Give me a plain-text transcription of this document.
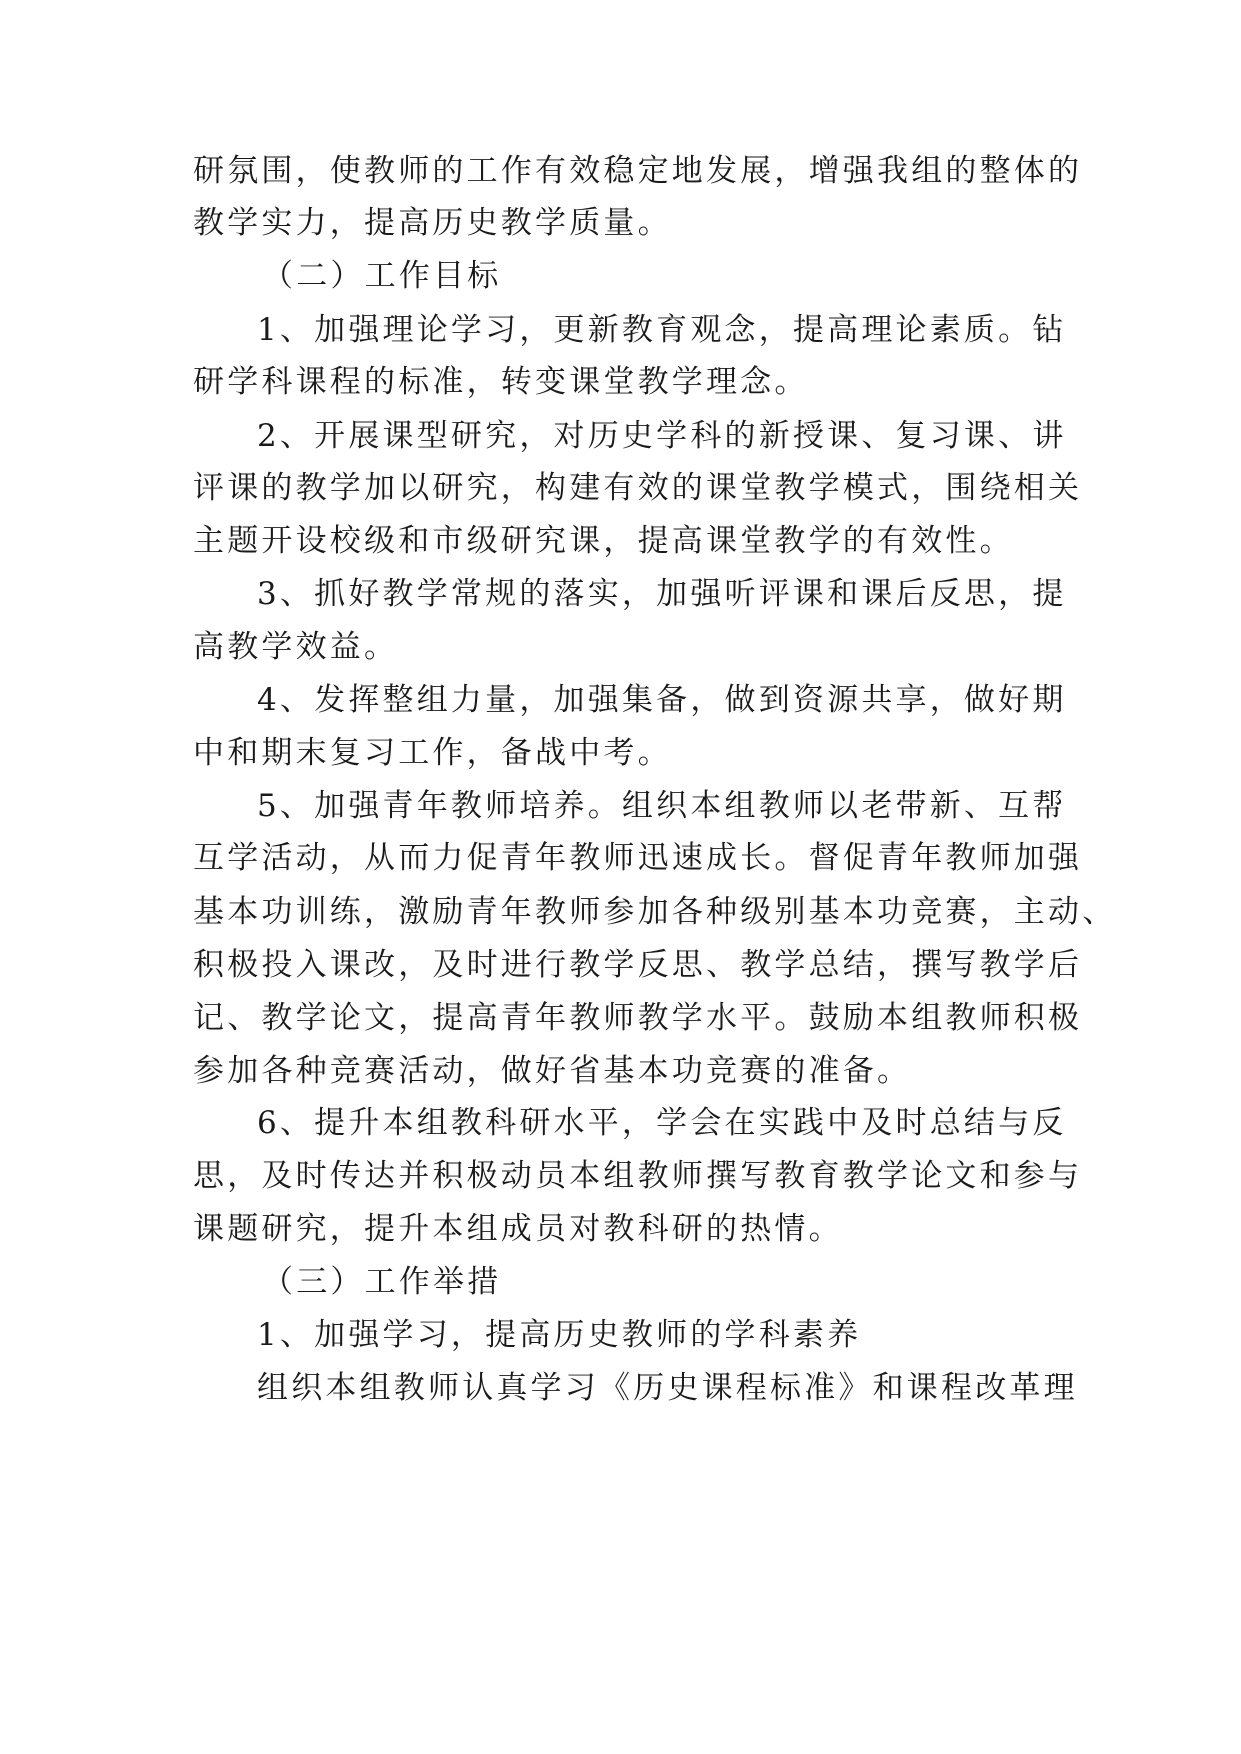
研氛围，使教师的工作有效稳定地发展，增强我组的整体的
教学实力，提高历史教学质量。
（二）工作目标
1、加强理论学习，更新教育观念，提高理论素质。钻
研学科课程的标准，转变课堂教学理念。
2、开展课型研究，对历史学科的新授课、复习课、讲
评课的教学加以研究，构建有效的课堂教学模式，围绕相关
主题开设校级和市级研究课，提高课堂教学的有效性。
3、抓好教学常规的落实，加强听评课和课后反思，提
高教学效益。
4、发挥整组力量，加强集备，做到资源共享，做好期
中和期末复习工作，备战中考。
5、加强青年教师培养。组织本组教师以老带新、互帮
互学活动，从而力促青年教师迅速成长。督促青年教师加强
基本功训练，激励青年教师参加各种级别基本功竞赛，主动、
积极投入课改，及时进行教学反思、教学总结，撰写教学后
记、教学论文，提高青年教师教学水平。鼓励本组教师积极
参加各种竞赛活动，做好省基本功竞赛的准备。
6、提升本组教科研水平，学会在实践中及时总结与反
思，及时传达并积极动员本组教师撰写教育教学论文和参与
课题研究，提升本组成员对教科研的热情。
（三）工作举措
1、加强学习，提高历史教师的学科素养
组织本组教师认真学习《历史课程标准》和课程改革理
